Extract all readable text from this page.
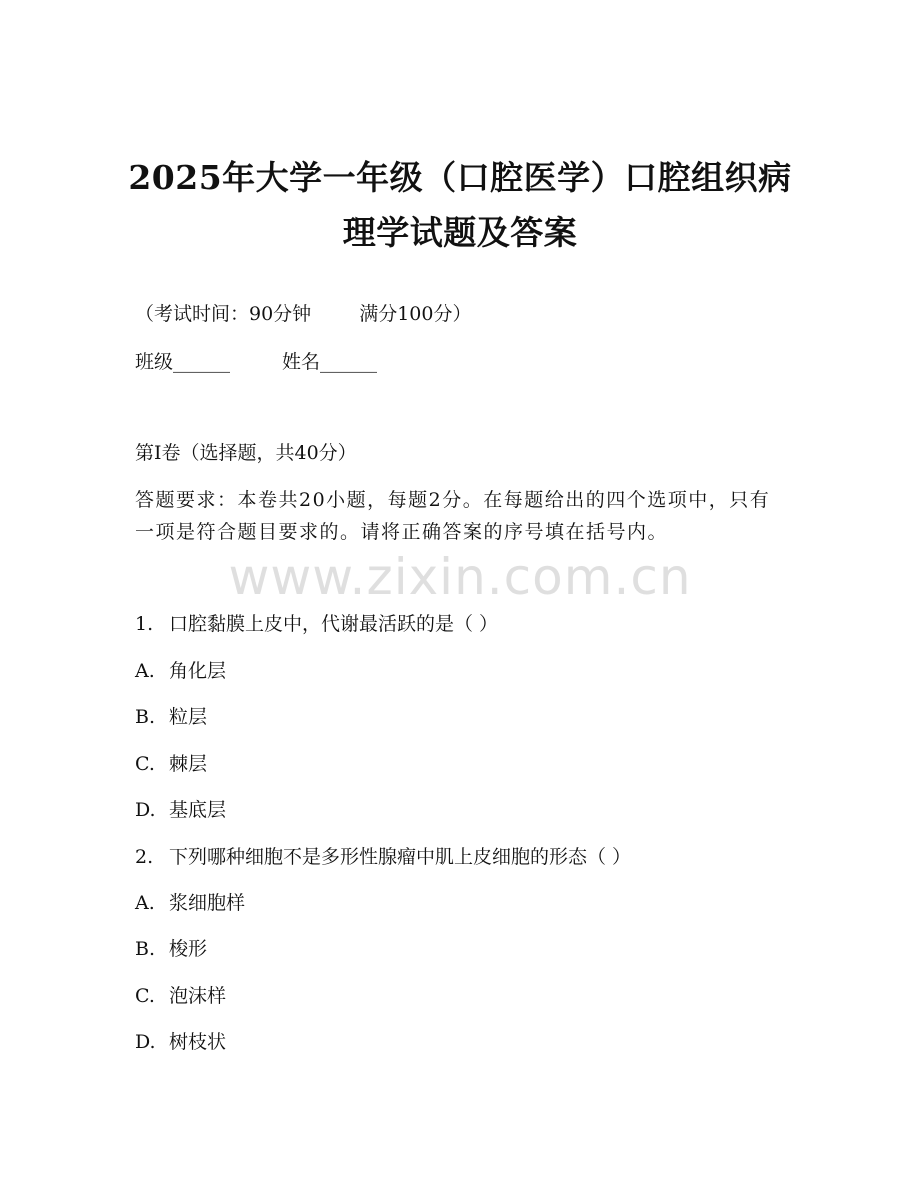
2025年大学一年级（口腔医学）口腔组织病
理学试题及答案
（考试时间：90分钟	满分100分）
班级______	姓名______
第I卷（选择题，共40分）
答题要求：本卷共20小题，每题2分。在每题给出的四个选项中，只有一项是符合题目要求的。请将正确答案的序号填在括号内。
www.zixin.com.cn
1. 口腔黏膜上皮中，代谢最活跃的是（ ）
A. 角化层
B. 粒层
C. 棘层
D. 基底层
2. 下列哪种细胞不是多形性腺瘤中肌上皮细胞的形态（ ）
A. 浆细胞样
B. 梭形
C. 泡沫样
D. 树枝状
